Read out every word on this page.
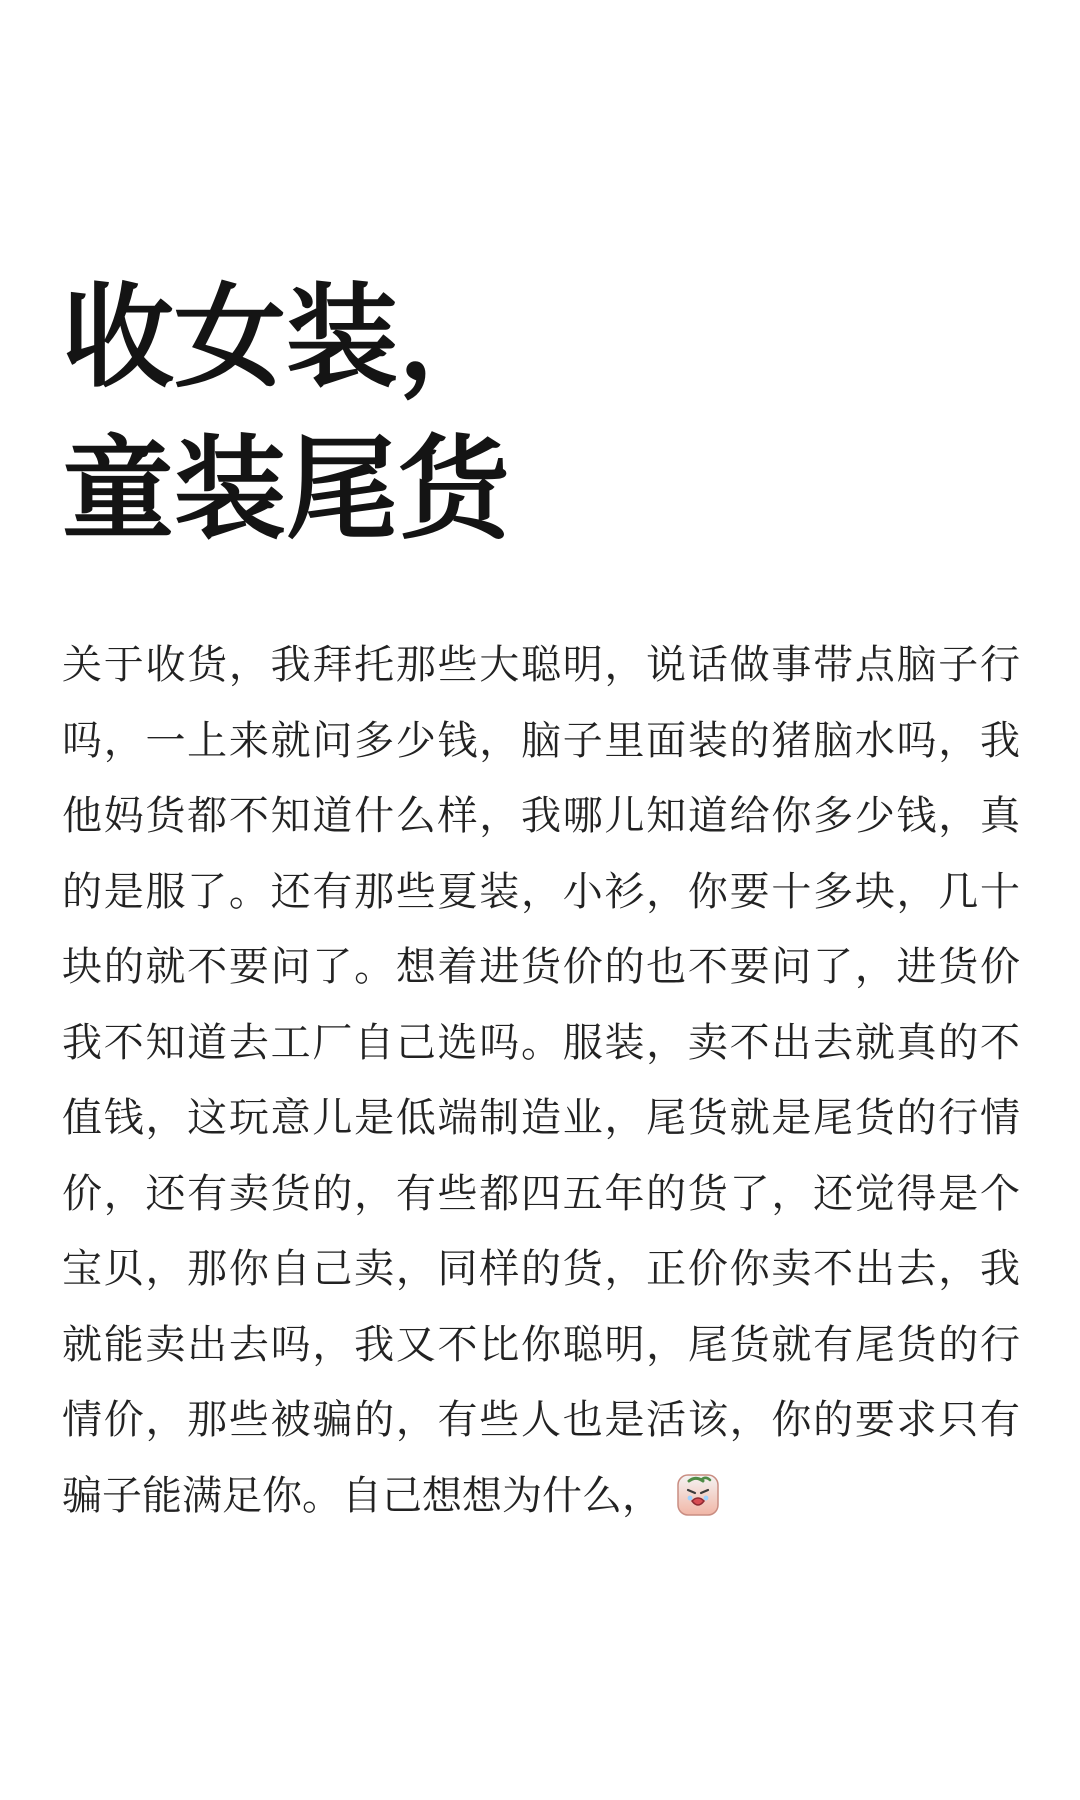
收女装，
童装尾货

关于收货，我拜托那些大聪明，说话做事带点脑子行吗，一上来就问多少钱，脑子里面装的猪脑水吗，我他妈货都不知道什么样，我哪儿知道给你多少钱，真的是服了。还有那些夏装，小衫，你要十多块，几十块的就不要问了。想着进货价的也不要问了，进货价我不知道去工厂自己选吗。服装，卖不出去就真的不值钱，这玩意儿是低端制造业，尾货就是尾货的行情价，还有卖货的，有些都四五年的货了，还觉得是个宝贝，那你自己卖，同样的货，正价你卖不出去，我就能卖出去吗，我又不比你聪明，尾货就有尾货的行情价，那些被骗的，有些人也是活该，你的要求只有骗子能满足你。自己想想为什么，
